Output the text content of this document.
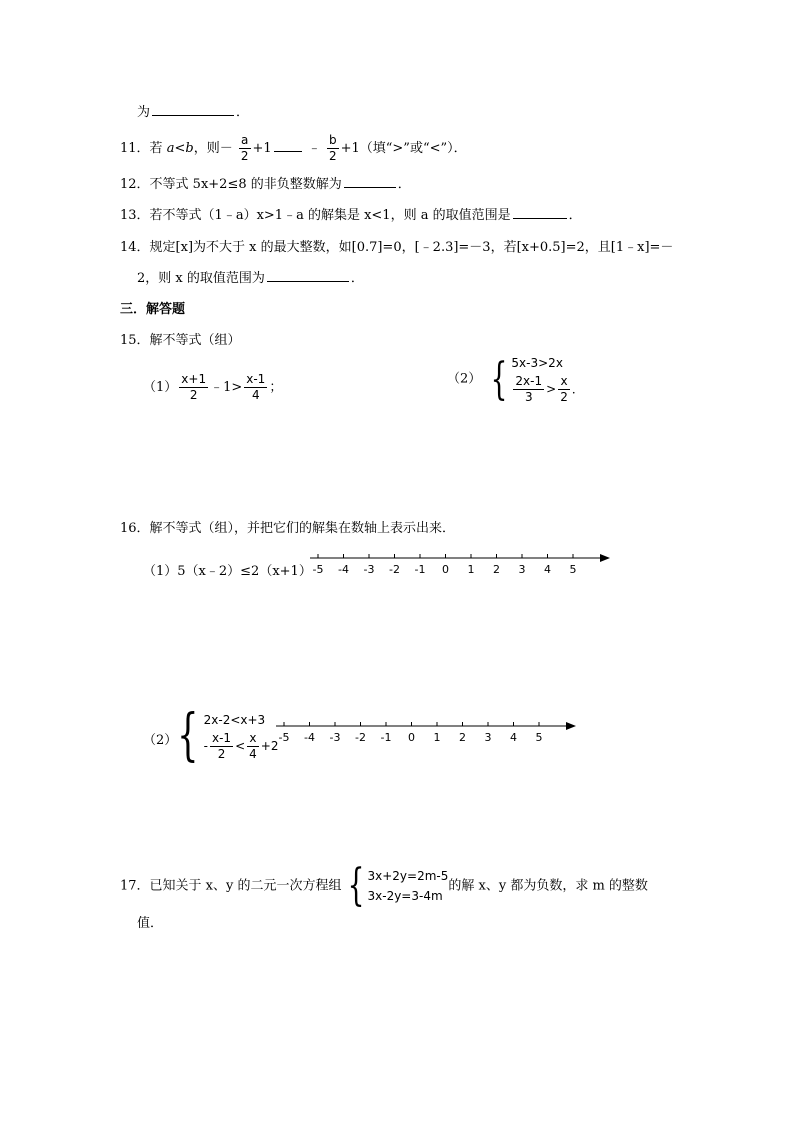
为	．
11．若 a<b，则－ $\frac{a}{2} +1$	﹣ $\frac{b}{2} +1$（填“>”或“<”）．
12．不等式 5x+2≤8 的非负整数解为	．
13．若不等式（1﹣a）x>1﹣a 的解集是 x<1，则 a 的取值范围是	．
14．规定[x]为不大于 x 的最大整数，如[0.7]=0，[﹣2.3]=－3，若[x+0.5]=2，且[1﹣x]=－
2，则 x 的取值范围为	．
三．解答题
15．解不等式（组）
$(1) \frac{x+1}{2}$ ﹣1> $\frac{x-1}{4}$ ；
（2） { 5x-3>2x
$\frac{2x-1}{3} > \frac{x}{2}$ ．
16．解不等式（组），并把它们的解集在数轴上表示出来．
（1）5（x﹣2）≤2（x+1） -5 -4 -3 -2 -1 0 1 2 3 4 5
（2） { 2x-2<x+3
- $\frac{x-1}{2} < \frac{x}{4} +2$
-5 -4 -3 -2 -1 0 1 2 3 4 5
17．已知关于 x、y 的二元一次方程组 { 3x+2y=2m-5
3x-2y=3-4m
的解 x、y 都为负数，求 m 的整数
值．
